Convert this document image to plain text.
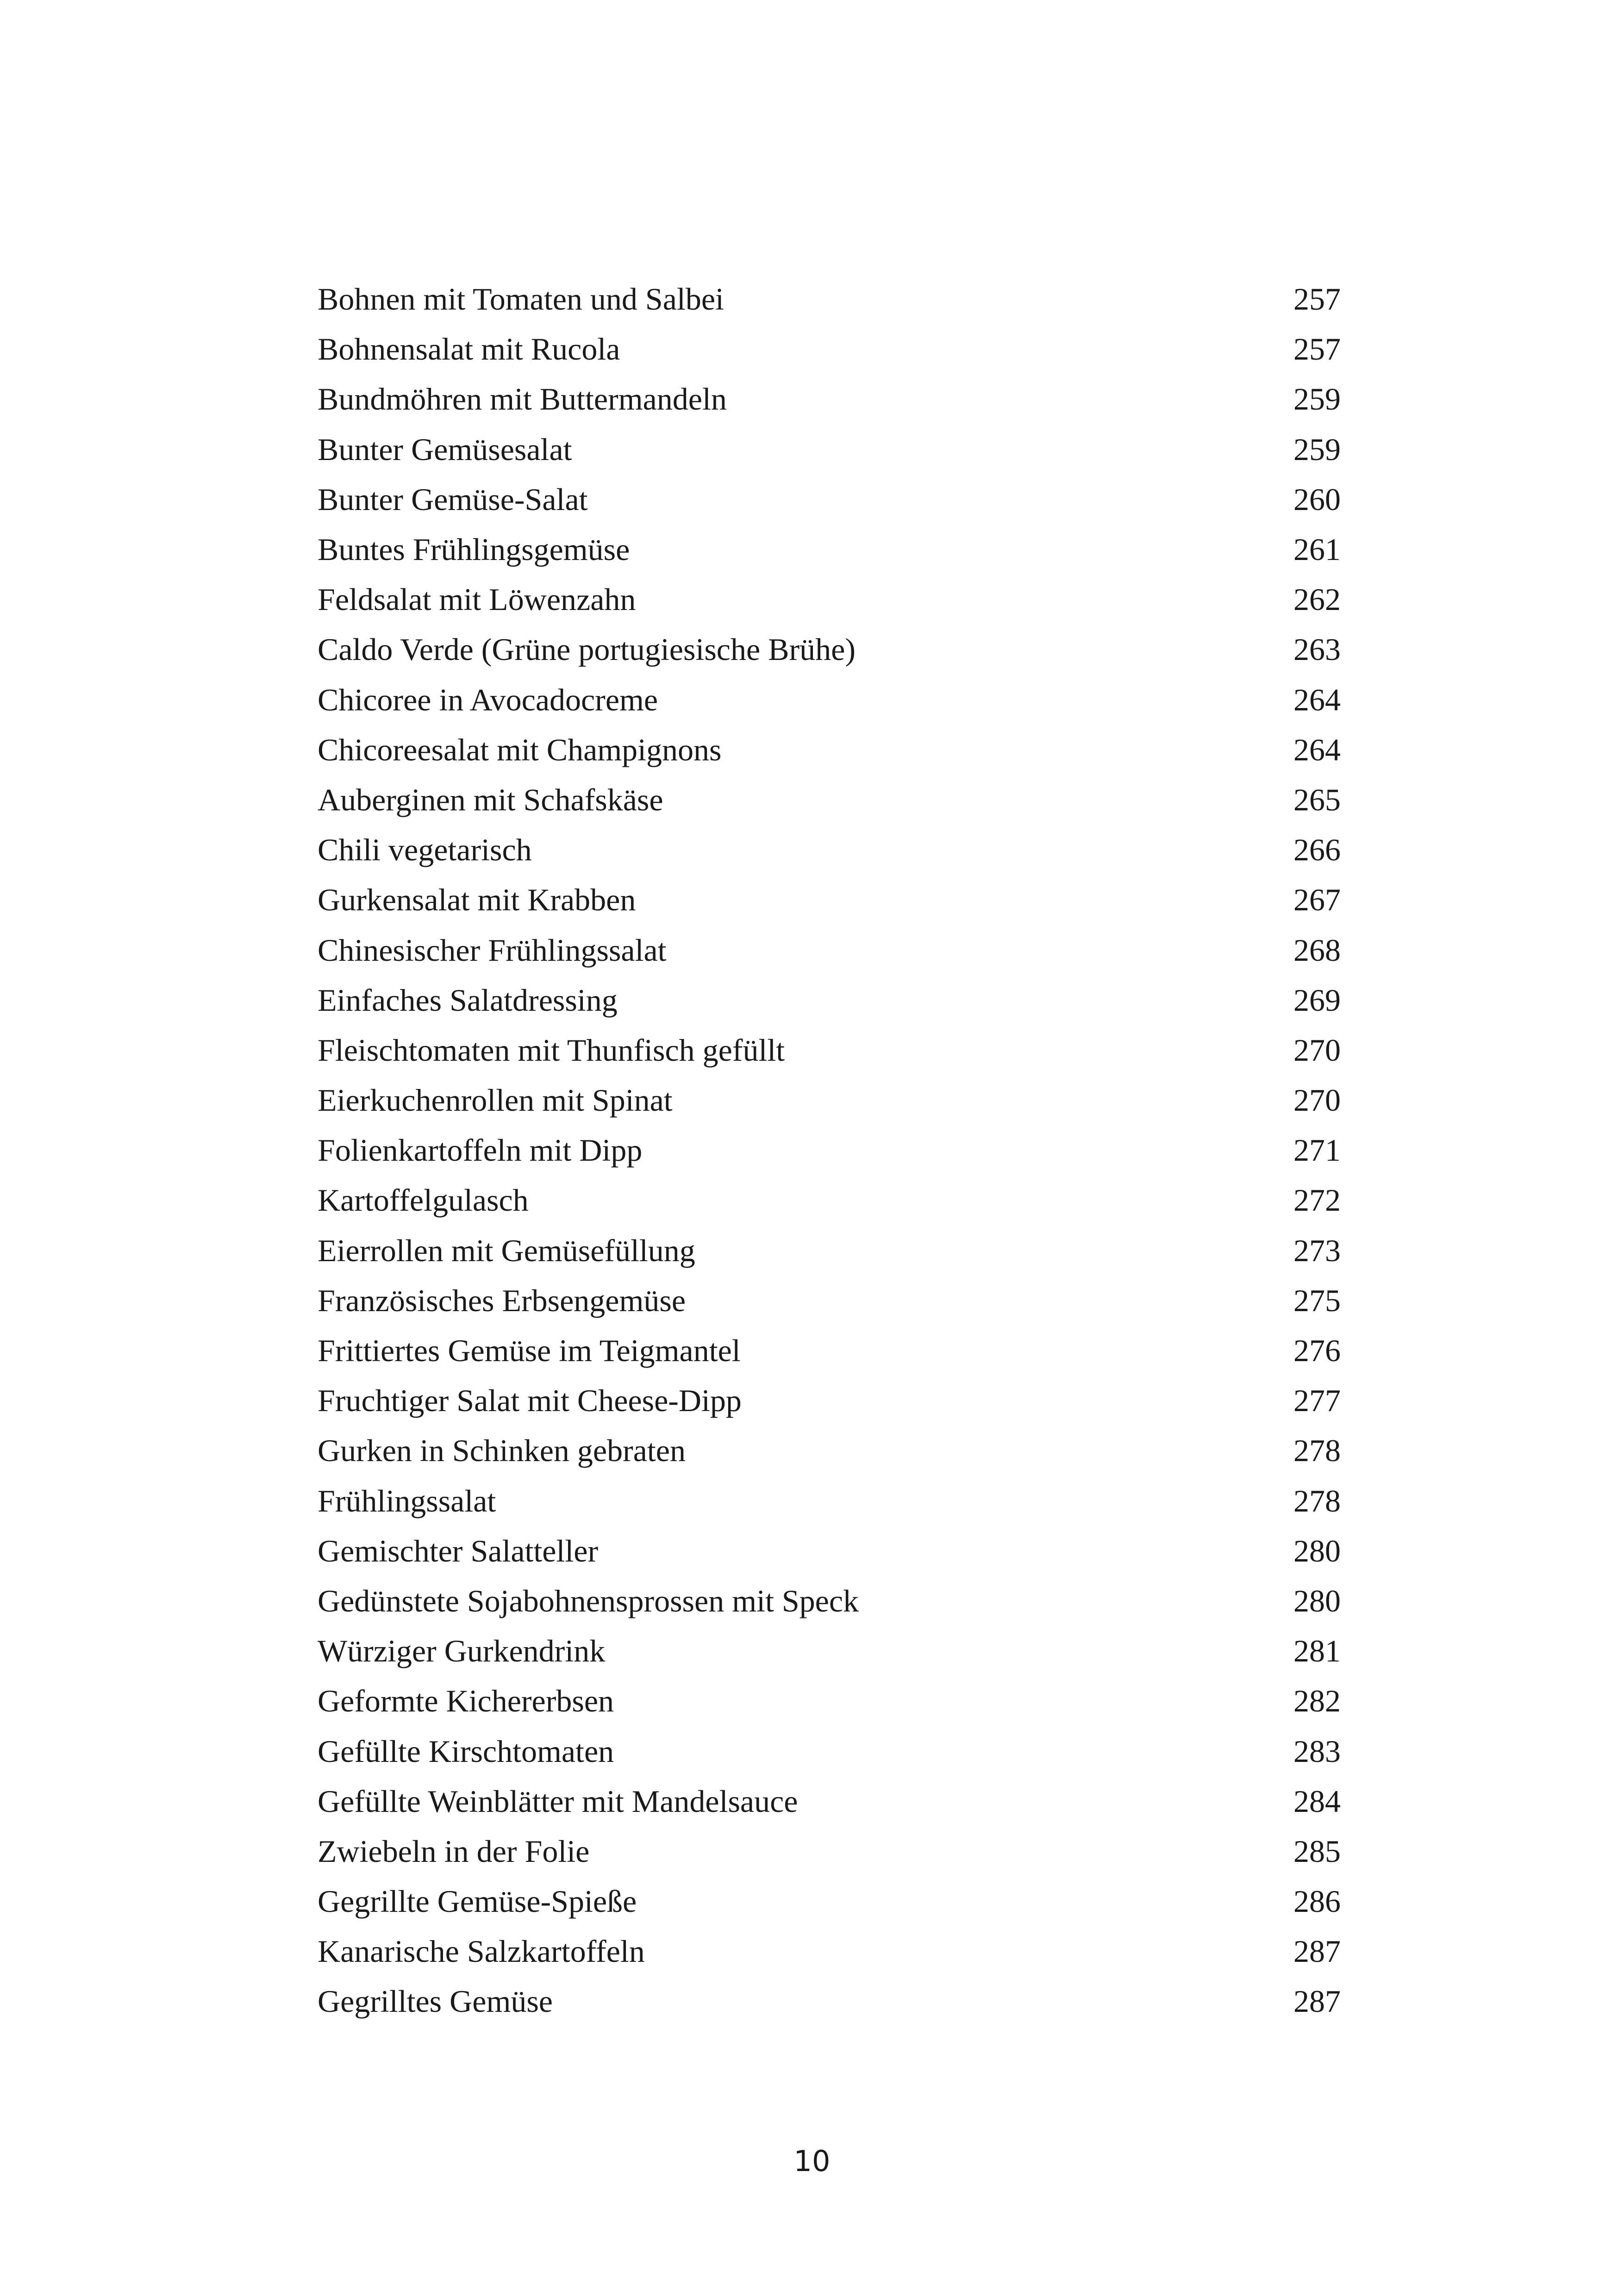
Bohnen mit Tomaten und Salbei	257
Bohnensalat mit Rucola	257
Bundmöhren mit Buttermandeln	259
Bunter Gemüsesalat	259
Bunter Gemüse-Salat	260
Buntes Frühlingsgemüse	261
Feldsalat mit Löwenzahn	262
Caldo Verde (Grüne portugiesische Brühe)	263
Chicoree in Avocadocreme	264
Chicoreesalat mit Champignons	264
Auberginen mit Schafskäse	265
Chili vegetarisch	266
Gurkensalat mit Krabben	267
Chinesischer Frühlingssalat	268
Einfaches Salatdressing	269
Fleischtomaten mit Thunfisch gefüllt	270
Eierkuchenrollen mit Spinat	270
Folienkartoffeln mit Dipp	271
Kartoffelgulasch	272
Eierrollen mit Gemüsefüllung	273
Französisches Erbsengemüse	275
Frittiertes Gemüse im Teigmantel	276
Fruchtiger Salat mit Cheese-Dipp	277
Gurken in Schinken gebraten	278
Frühlingssalat	278
Gemischter Salatteller	280
Gedünstete Sojabohnensprossen mit Speck	280
Würziger Gurkendrink	281
Geformte Kichererbsen	282
Gefüllte Kirschtomaten	283
Gefüllte Weinblätter mit Mandelsauce	284
Zwiebeln in der Folie	285
Gegrillte Gemüse-Spieße	286
Kanarische Salzkartoffeln	287
Gegrilltes Gemüse	287
10
